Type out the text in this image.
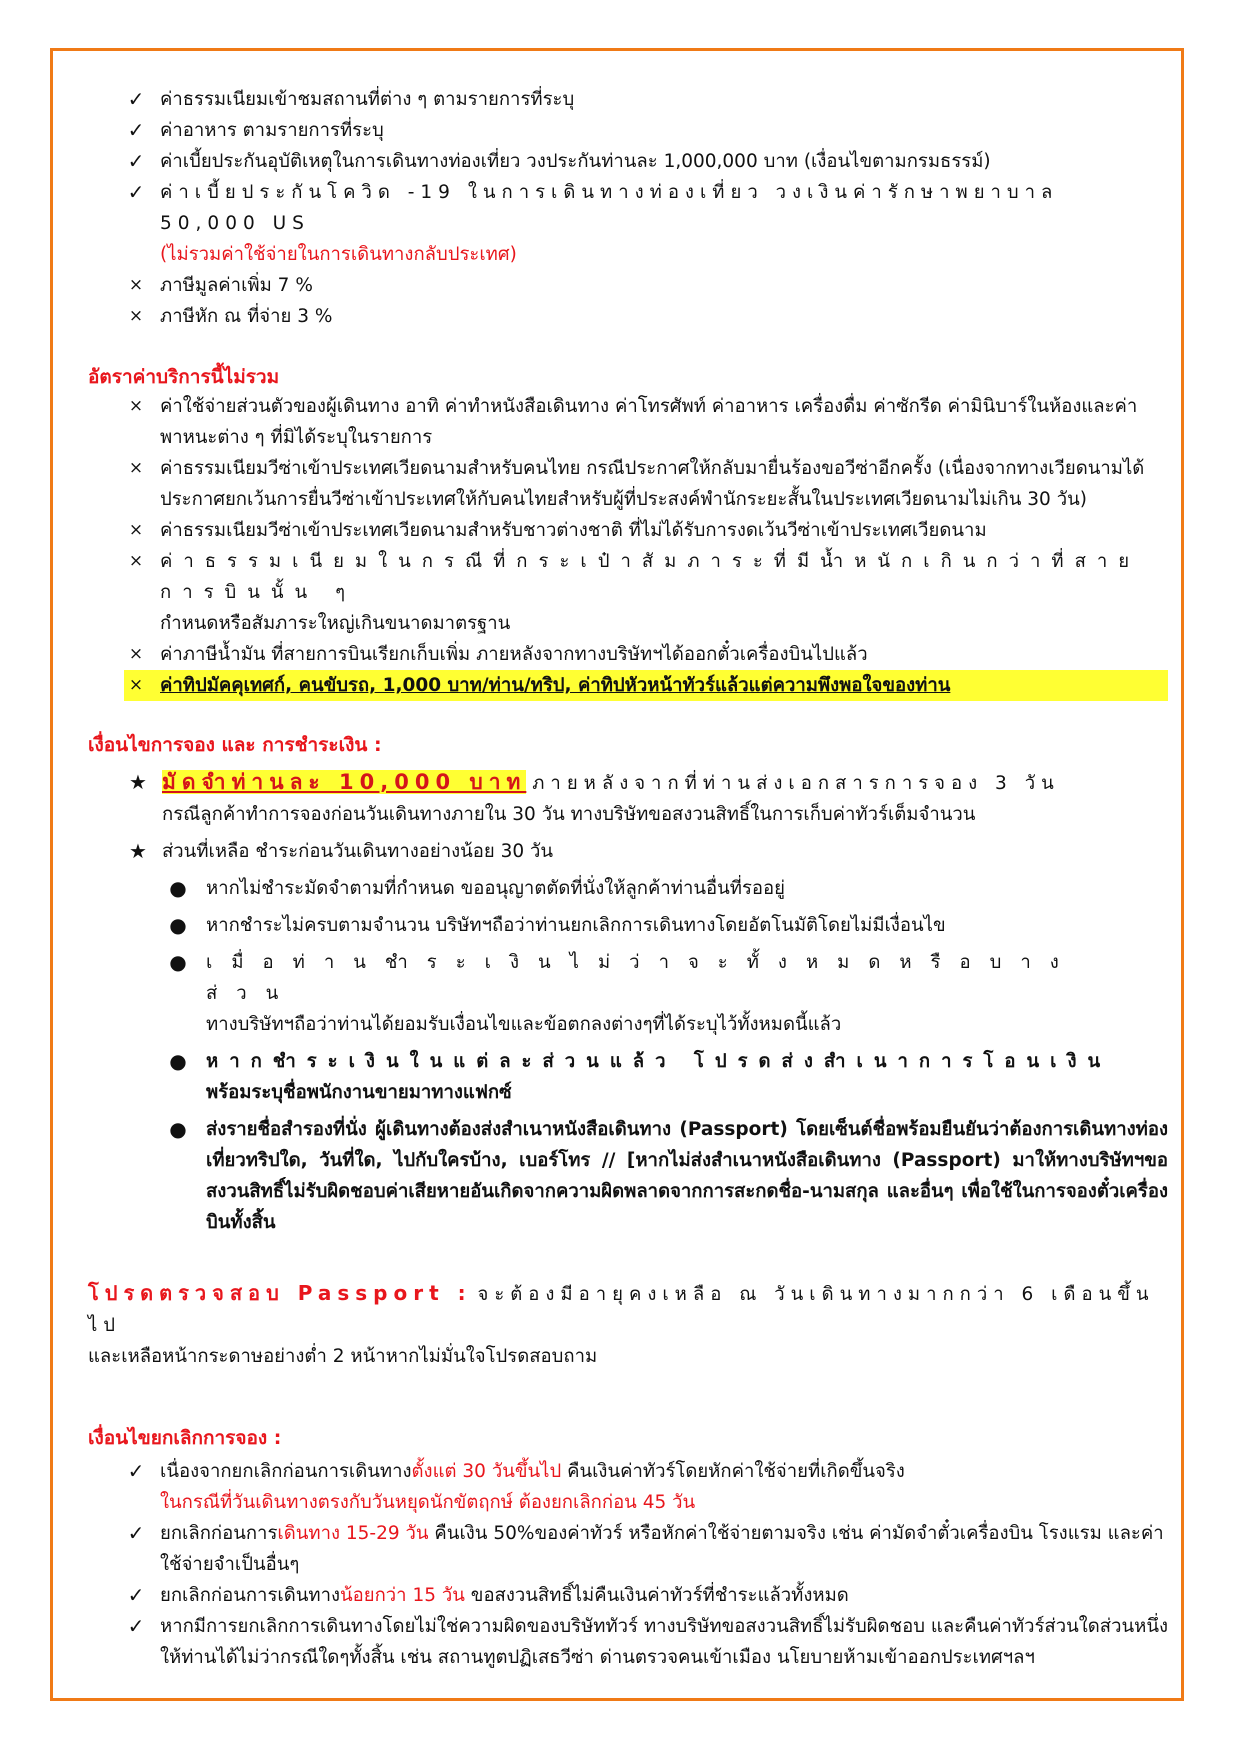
✓ ค่าธรรมเนียมเข้าชมสถานที่ต่าง ๆ ตามรายการที่ระบุ
✓ ค่าอาหาร ตามรายการที่ระบุ
✓ ค่าเบี้ยประกันอุบัติเหตุในการเดินทางท่องเที่ยว วงประกันท่านละ 1,000,000 บาท (เงื่อนไขตามกรมธรรม์)
✓ ค่าเบี้ยประกันโควิด -19 ในการเดินทางท่องเที่ยว วงเงินค่ารักษาพยาบาล 50,000 US
(ไม่รวมค่าใช้จ่ายในการเดินทางกลับประเทศ)
× ภาษีมูลค่าเพิ่ม 7 %
× ภาษีหัก ณ ที่จ่าย 3 %
อัตราค่าบริการนี้ไม่รวม
× ค่าใช้จ่ายส่วนตัวของผู้เดินทาง อาทิ ค่าทำหนังสือเดินทาง ค่าโทรศัพท์ ค่าอาหาร เครื่องดื่ม ค่าซักรีด ค่ามินิบาร์ในห้องและค่าพาหนะต่าง ๆ ที่มิได้ระบุในรายการ
× ค่าธรรมเนียมวีซ่าเข้าประเทศเวียดนามสำหรับคนไทย กรณีประกาศให้กลับมายื่นร้องขอวีซ่าอีกครั้ง (เนื่องจากทางเวียดนามได้ประกาศยกเว้นการยื่นวีซ่าเข้าประเทศให้กับคนไทยสำหรับผู้ที่ประสงค์พำนักระยะสั้นในประเทศเวียดนามไม่เกิน 30 วัน)
× ค่าธรรมเนียมวีซ่าเข้าประเทศเวียดนามสำหรับชาวต่างชาติ ที่ไม่ได้รับการงดเว้นวีซ่าเข้าประเทศเวียดนาม
× ค่าธรรมเนียมในกรณีที่กระเป๋าสัมภาระที่มีน้ำหนักเกินกว่าที่สายการบินนั้น ๆ
กำหนดหรือสัมภาระใหญ่เกินขนาดมาตรฐาน
× ค่าภาษีน้ำมัน ที่สายการบินเรียกเก็บเพิ่ม ภายหลังจากทางบริษัทฯได้ออกตั๋วเครื่องบินไปแล้ว
× ค่าทิปมัคคุเทศก์, คนขับรถ, 1,000 บาท/ท่าน/ทริป, ค่าทิปหัวหน้าทัวร์แล้วแต่ความพึงพอใจของท่าน
เงื่อนไขการจอง และ การชำระเงิน :
★ มัดจำท่านละ 10,000 บาท ภายหลังจากที่ท่านส่งเอกสารการจอง 3 วัน
กรณีลูกค้าทำการจองก่อนวันเดินทางภายใน 30 วัน ทางบริษัทขอสงวนสิทธิ์ในการเก็บค่าทัวร์เต็มจำนวน
★ ส่วนที่เหลือ ชำระก่อนวันเดินทางอย่างน้อย 30 วัน
● หากไม่ชำระมัดจำตามที่กำหนด ขออนุญาตตัดที่นั่งให้ลูกค้าท่านอื่นที่รออยู่
● หากชำระไม่ครบตามจำนวน บริษัทฯถือว่าท่านยกเลิกการเดินทางโดยอัตโนมัติโดยไม่มีเงื่อนไข
● เมื่อท่านชำระเงินไม่ว่าจะทั้งหมดหรือบางส่วน
ทางบริษัทฯถือว่าท่านได้ยอมรับเงื่อนไขและข้อตกลงต่างๆที่ได้ระบุไว้ทั้งหมดนี้แล้ว
● หากชำระเงินในแต่ละส่วนแล้ว โปรดส่งสำเนาการโอนเงิน
พร้อมระบุชื่อพนักงานขายมาทางแฟกซ์
● ส่งรายชื่อสำรองที่นั่ง ผู้เดินทางต้องส่งสำเนาหนังสือเดินทาง (Passport) โดยเซ็นต์ชื่อพร้อมยืนยันว่าต้องการเดินทางท่องเที่ยวทริปใด, วันที่ใด, ไปกับใครบ้าง, เบอร์โทร // [หากไม่ส่งสำเนาหนังสือเดินทาง (Passport) มาให้ทางบริษัทฯขอสงวนสิทธิ์ไม่รับผิดชอบค่าเสียหายอันเกิดจากความผิดพลาดจากการสะกดชื่อ-นามสกุล และอื่นๆ เพื่อใช้ในการจองตั๋วเครื่องบินทั้งสิ้น

โปรดตรวจสอบ Passport : จะต้องมีอายุคงเหลือ ณ วันเดินทางมากกว่า 6 เดือนขึ้นไป
และเหลือหน้ากระดาษอย่างต่ำ 2 หน้าหากไม่มั่นใจโปรดสอบถาม

เงื่อนไขยกเลิกการจอง :
✓ เนื่องจากยกเลิกก่อนการเดินทางตั้งแต่ 30 วันขึ้นไป คืนเงินค่าทัวร์โดยหักค่าใช้จ่ายที่เกิดขึ้นจริง
ในกรณีที่วันเดินทางตรงกับวันหยุดนักขัตฤกษ์ ต้องยกเลิกก่อน 45 วัน
✓ ยกเลิกก่อนการเดินทาง 15-29 วัน คืนเงิน 50%ของค่าทัวร์ หรือหักค่าใช้จ่ายตามจริง เช่น ค่ามัดจำตั๋วเครื่องบิน โรงแรม และค่าใช้จ่ายจำเป็นอื่นๆ
✓ ยกเลิกก่อนการเดินทางน้อยกว่า 15 วัน ขอสงวนสิทธิ์ไม่คืนเงินค่าทัวร์ที่ชำระแล้วทั้งหมด
✓ หากมีการยกเลิกการเดินทางโดยไม่ใช่ความผิดของบริษัททัวร์ ทางบริษัทขอสงวนสิทธิ์ไม่รับผิดชอบ และคืนค่าทัวร์ส่วนใดส่วนหนึ่งให้ท่านได้ไม่ว่ากรณีใดๆทั้งสิ้น เช่น สถานทูตปฏิเสธวีซ่า ด่านตรวจคนเข้าเมือง นโยบายห้ามเข้าออกประเทศฯลฯ
